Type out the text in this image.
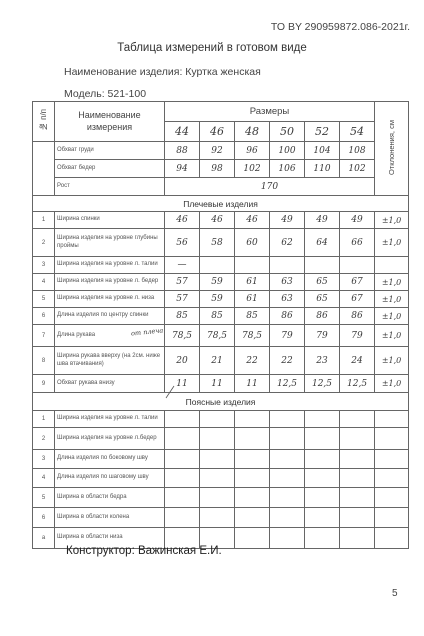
ТО BY 290959872.086-2021г.
Таблица измерений в готовом виде
Наименование изделия: Куртка женская
Модель: 521-100
№ п/п	Наименование измерения	Размеры						Отклонения, см
		44	46	48	50	52	54	
	Обхват груди	88	92	96	100	104	108	
	Обхват бедер	94	98	102	106	110	102	
	Рост	170						
Плечевые изделия								
1	Ширина спинки	46	46	46	49	49	49	±1,0
2	Ширина изделия на уровне глубины проймы	56	58	60	62	64	66	±1,0
3	Ширина изделия на уровне л. талии	—						
4	Ширина изделия на уровне л. бедер	57	59	61	63	65	67	±1,0
5	Ширина изделия на уровне л. низа	57	59	61	63	65	67	±1,0
6	Длина изделия по центру спинки	85	85	85	86	86	86	±1,0
7	Длина рукава от плеча	78,5	78,5	78,5	79	79	79	±1,0
8	Ширина рукава вверху (на 2см. ниже шва втачивания)	20	21	22	22	23	24	±1,0
9	Обхват рукава внизу	11	11	11	12,5	12,5	12,5	±1,0
Поясные изделия								
1	Ширина изделия на уровне л. талии							
2	Ширина изделия на уровне л.бедер							
3	Длина изделия по боковому шву							
4	Длина изделия по шаговому шву							
5	Ширина в области бедра							
6	Ширина в области колена							
а	Ширина в области низа							
Конструктор: Важинская Е.И.
5
